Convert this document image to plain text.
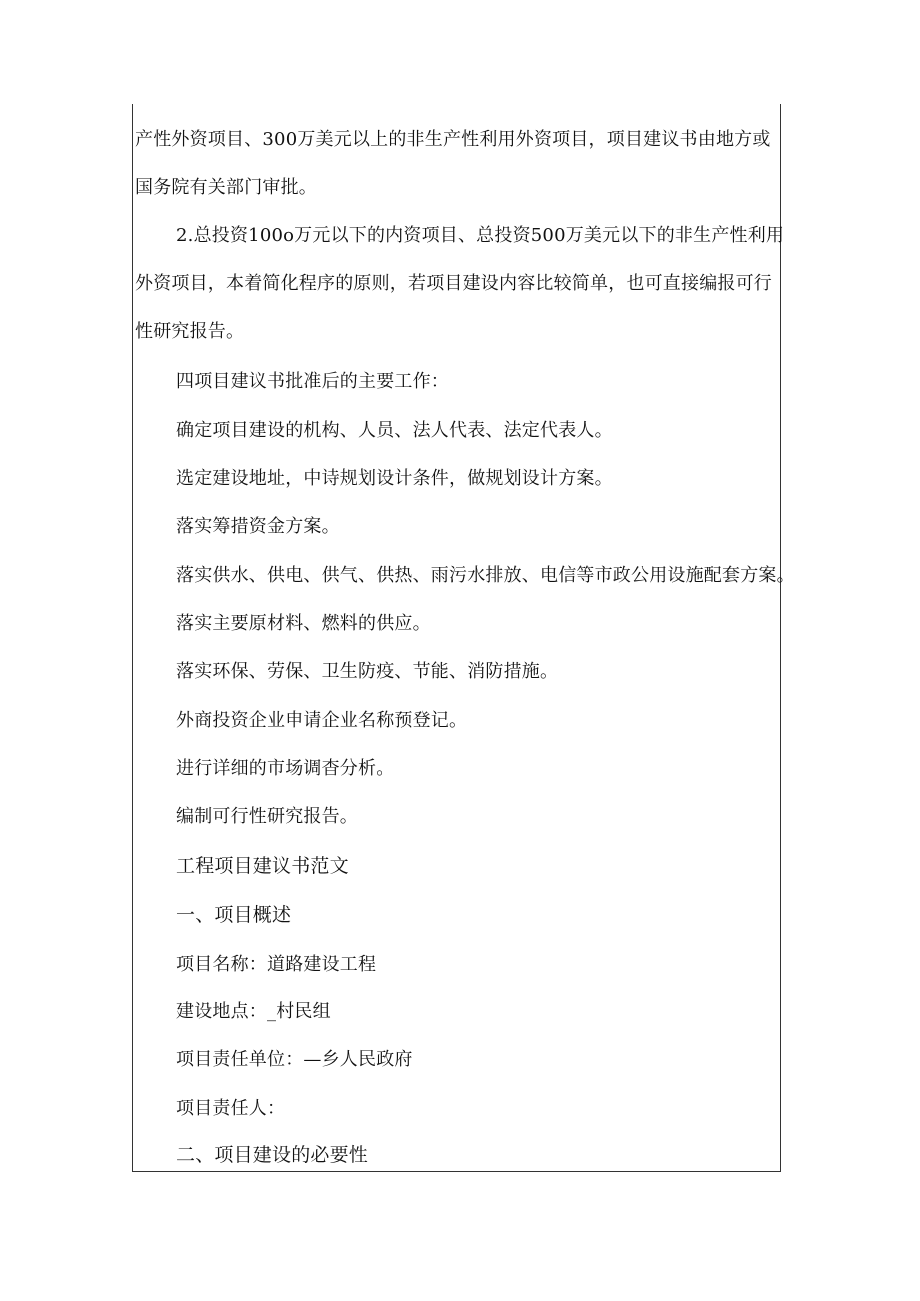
产性外资项目、300万美元以上的非生产性利用外资项目，项目建议书由地方或
国务院有关部门审批。
2.总投资100o万元以下的内资项目、总投资500万美元以下的非生产性利用
外资项目，本着简化程序的原则，若项目建设内容比较简单，也可直接编报可行
性研究报告。
四项目建议书批准后的主要工作：
确定项目建设的机构、人员、法人代表、法定代表人。
选定建设地址，中诗规划设计条件，做规划设计方案。
落实筹措资金方案。
落实供水、供电、供气、供热、雨污水排放、电信等市政公用设施配套方案。
落实主要原材料、燃料的供应。
落实环保、劳保、卫生防疫、节能、消防措施。
外商投资企业申请企业名称预登记。
进行详细的市场调杳分析。
编制可行性研究报告。
工程项目建议书范文
一、项目概述
项目名称：道路建设工程
建设地点：_村民组
项目责任单位：—乡人民政府
项目责任人：
二、项目建设的必要性
